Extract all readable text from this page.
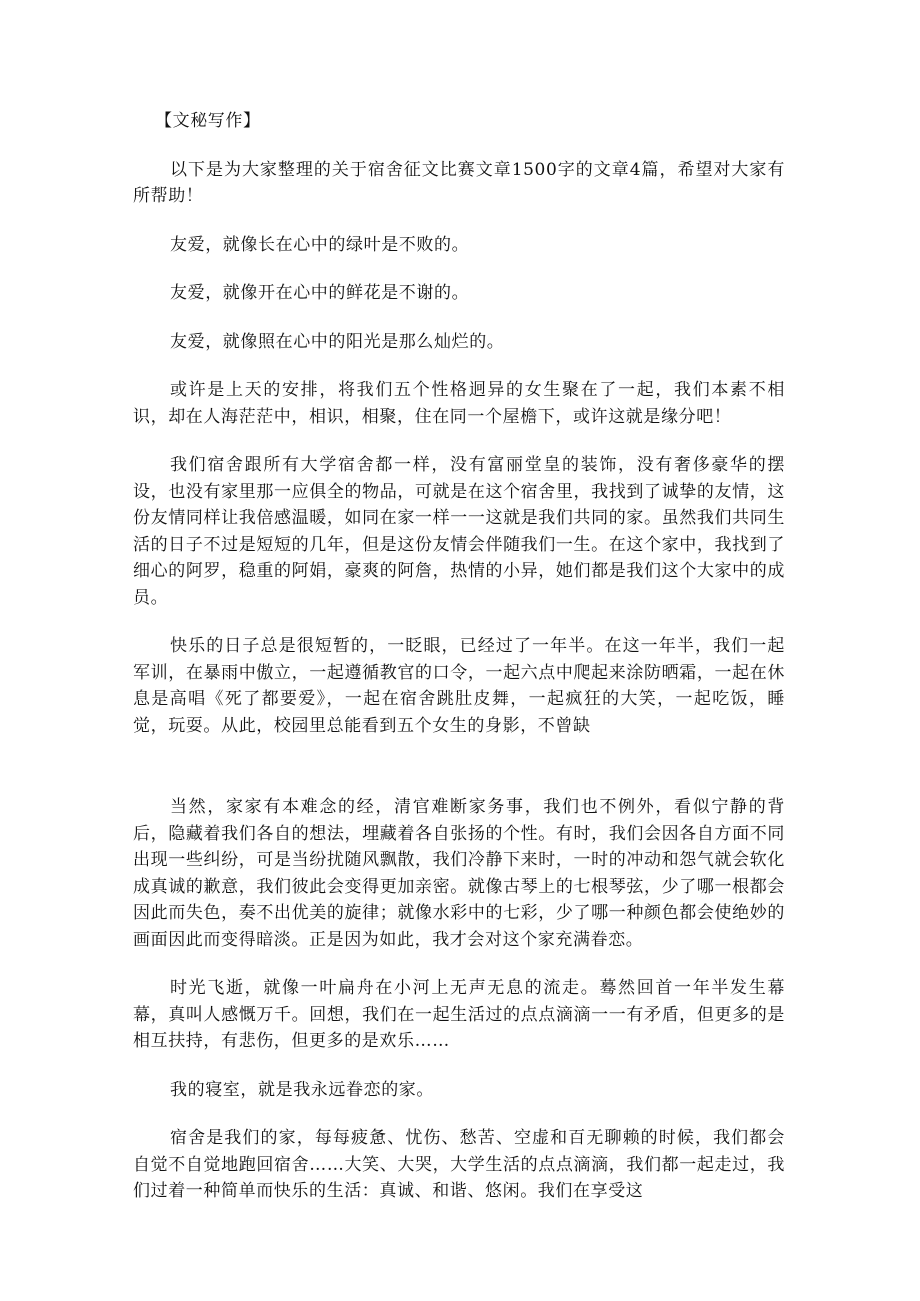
【文秘写作】

以下是为大家整理的关于宿舍征文比赛文章1500字的文章4篇，希望对大家有所帮助！

友爱，就像长在心中的绿叶是不败的。

友爱，就像开在心中的鲜花是不谢的。

友爱，就像照在心中的阳光是那么灿烂的。

或许是上天的安排，将我们五个性格迥异的女生聚在了一起，我们本素不相识，却在人海茫茫中，相识，相聚，住在同一个屋檐下，或许这就是缘分吧！

我们宿舍跟所有大学宿舍都一样，没有富丽堂皇的装饰，没有奢侈豪华的摆设，也没有家里那一应俱全的物品，可就是在这个宿舍里，我找到了诚挚的友情，这份友情同样让我倍感温暖，如同在家一样一一这就是我们共同的家。虽然我们共同生活的日子不过是短短的几年，但是这份友情会伴随我们一生。在这个家中，我找到了细心的阿罗，稳重的阿娟，豪爽的阿詹，热情的小异，她们都是我们这个大家中的成员。

快乐的日子总是很短暂的，一眨眼，已经过了一年半。在这一年半，我们一起军训，在暴雨中傲立，一起遵循教官的口令，一起六点中爬起来涂防晒霜，一起在休息是高唱《死了都要爱》，一起在宿舍跳肚皮舞，一起疯狂的大笑，一起吃饭，睡觉，玩耍。从此，校园里总能看到五个女生的身影，不曾缺

当然，家家有本难念的经，清官难断家务事，我们也不例外，看似宁静的背后，隐藏着我们各自的想法，埋藏着各自张扬的个性。有时，我们会因各自方面不同出现一些纠纷，可是当纷扰随风飘散，我们冷静下来时，一时的冲动和怨气就会软化成真诚的歉意，我们彼此会变得更加亲密。就像古琴上的七根琴弦，少了哪一根都会因此而失色，奏不出优美的旋律；就像水彩中的七彩，少了哪一种颜色都会使绝妙的画面因此而变得暗淡。正是因为如此，我才会对这个家充满眷恋。

时光飞逝，就像一叶扁舟在小河上无声无息的流走。蓦然回首一年半发生幕幕，真叫人感慨万千。回想，我们在一起生活过的点点滴滴一一有矛盾，但更多的是相互扶持，有悲伤，但更多的是欢乐……

我的寝室，就是我永远眷恋的家。

宿舍是我们的家，每每疲惫、忧伤、愁苦、空虚和百无聊赖的时候，我们都会自觉不自觉地跑回宿舍……大笑、大哭，大学生活的点点滴滴，我们都一起走过，我们过着一种简单而快乐的生活：真诚、和谐、悠闲。我们在享受这
